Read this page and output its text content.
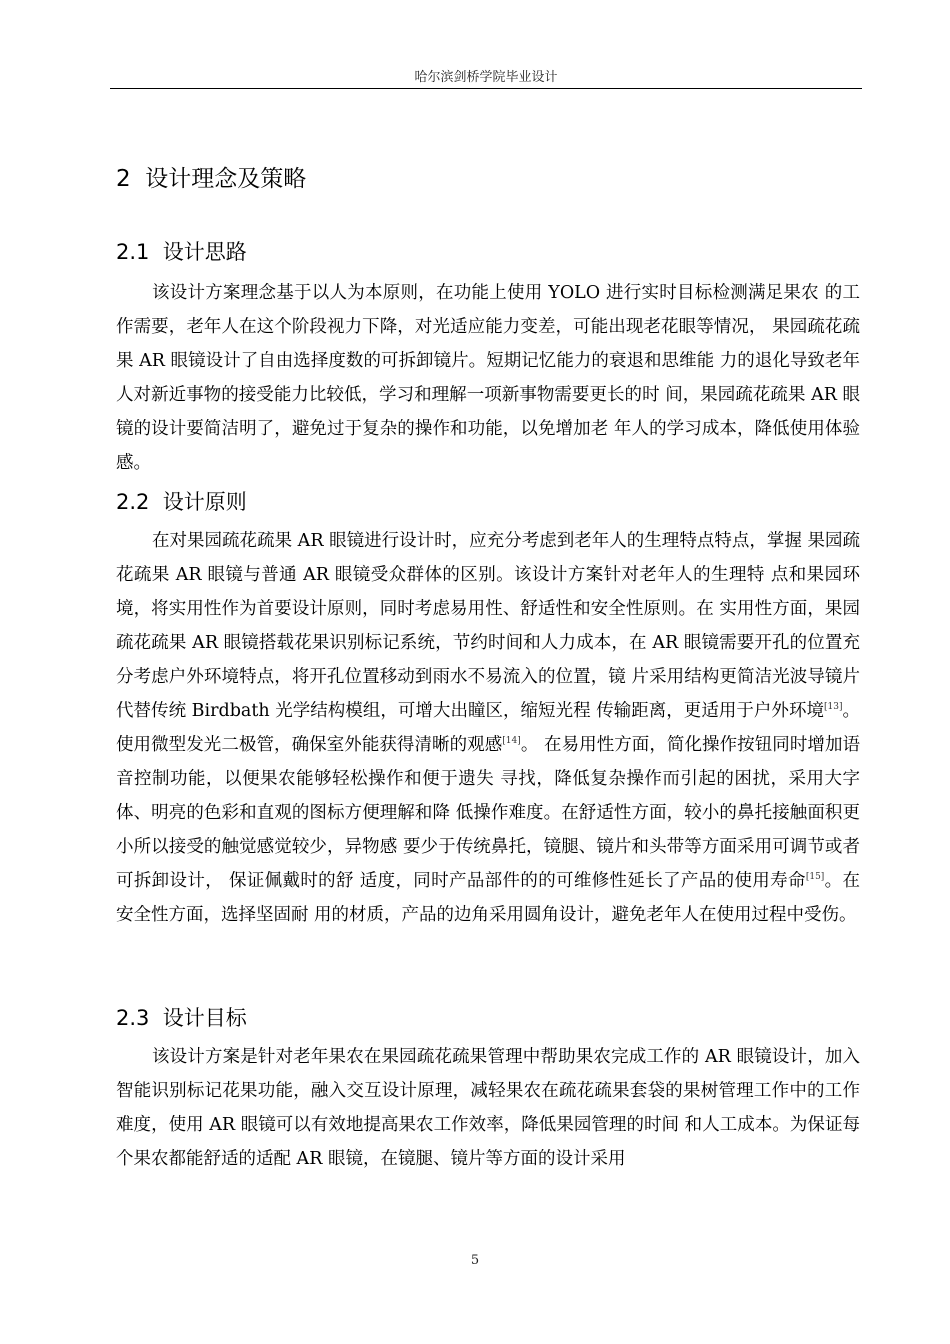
哈尔滨剑桥学院毕业设计
2  设计理念及策略
2.1  设计思路

该设计方案理念基于以人为本原则，在功能上使用 YOLO 进行实时目标检测满足果农 的工作需要，老年人在这个阶段视力下降，对光适应能力变差，可能出现老花眼等情况， 果园疏花疏果 AR 眼镜设计了自由选择度数的可拆卸镜片。短期记忆能力的衰退和思维能 力的退化导致老年人对新近事物的接受能力比较低，学习和理解一项新事物需要更长的时 间，果园疏花疏果 AR 眼镜的设计要简洁明了，避免过于复杂的操作和功能，以免增加老 年人的学习成本，降低使用体验感。

2.2  设计原则

在对果园疏花疏果 AR 眼镜进行设计时，应充分考虑到老年人的生理特点特点，掌握 果园疏花疏果 AR 眼镜与普通 AR 眼镜受众群体的区别。该设计方案针对老年人的生理特 点和果园环境，将实用性作为首要设计原则，同时考虑易用性、舒适性和安全性原则。在 实用性方面，果园疏花疏果 AR 眼镜搭载花果识别标记系统，节约时间和人力成本，在 AR 眼镜需要开孔的位置充分考虑户外环境特点，将开孔位置移动到雨水不易流入的位置，镜 片采用结构更简洁光波导镜片代替传统 Birdbath 光学结构模组，可增大出瞳区，缩短光程 传输距离，更适用于户外环境[13]。使用微型发光二极管，确保室外能获得清晰的观感[14]。 在易用性方面，简化操作按钮同时增加语音控制功能，以便果农能够轻松操作和便于遗失 寻找，降低复杂操作而引起的困扰，采用大字体、明亮的色彩和直观的图标方便理解和降 低操作难度。在舒适性方面，较小的鼻托接触面积更小所以接受的触觉感觉较少，异物感 要少于传统鼻托，镜腿、镜片和头带等方面采用可调节或者可拆卸设计， 保证佩戴时的舒 适度，同时产品部件的的可维修性延长了产品的使用寿命[15]。在安全性方面，选择坚固耐 用的材质，产品的边角采用圆角设计，避免老年人在使用过程中受伤。

2.3  设计目标

该设计方案是针对老年果农在果园疏花疏果管理中帮助果农完成工作的 AR 眼镜设计，加入智能识别标记花果功能，融入交互设计原理，减轻果农在疏花疏果套袋的果树管理工作中的工作难度，使用 AR 眼镜可以有效地提高果农工作效率，降低果园管理的时间 和人工成本。为保证每个果农都能舒适的适配 AR 眼镜，在镜腿、镜片等方面的设计采用

5
